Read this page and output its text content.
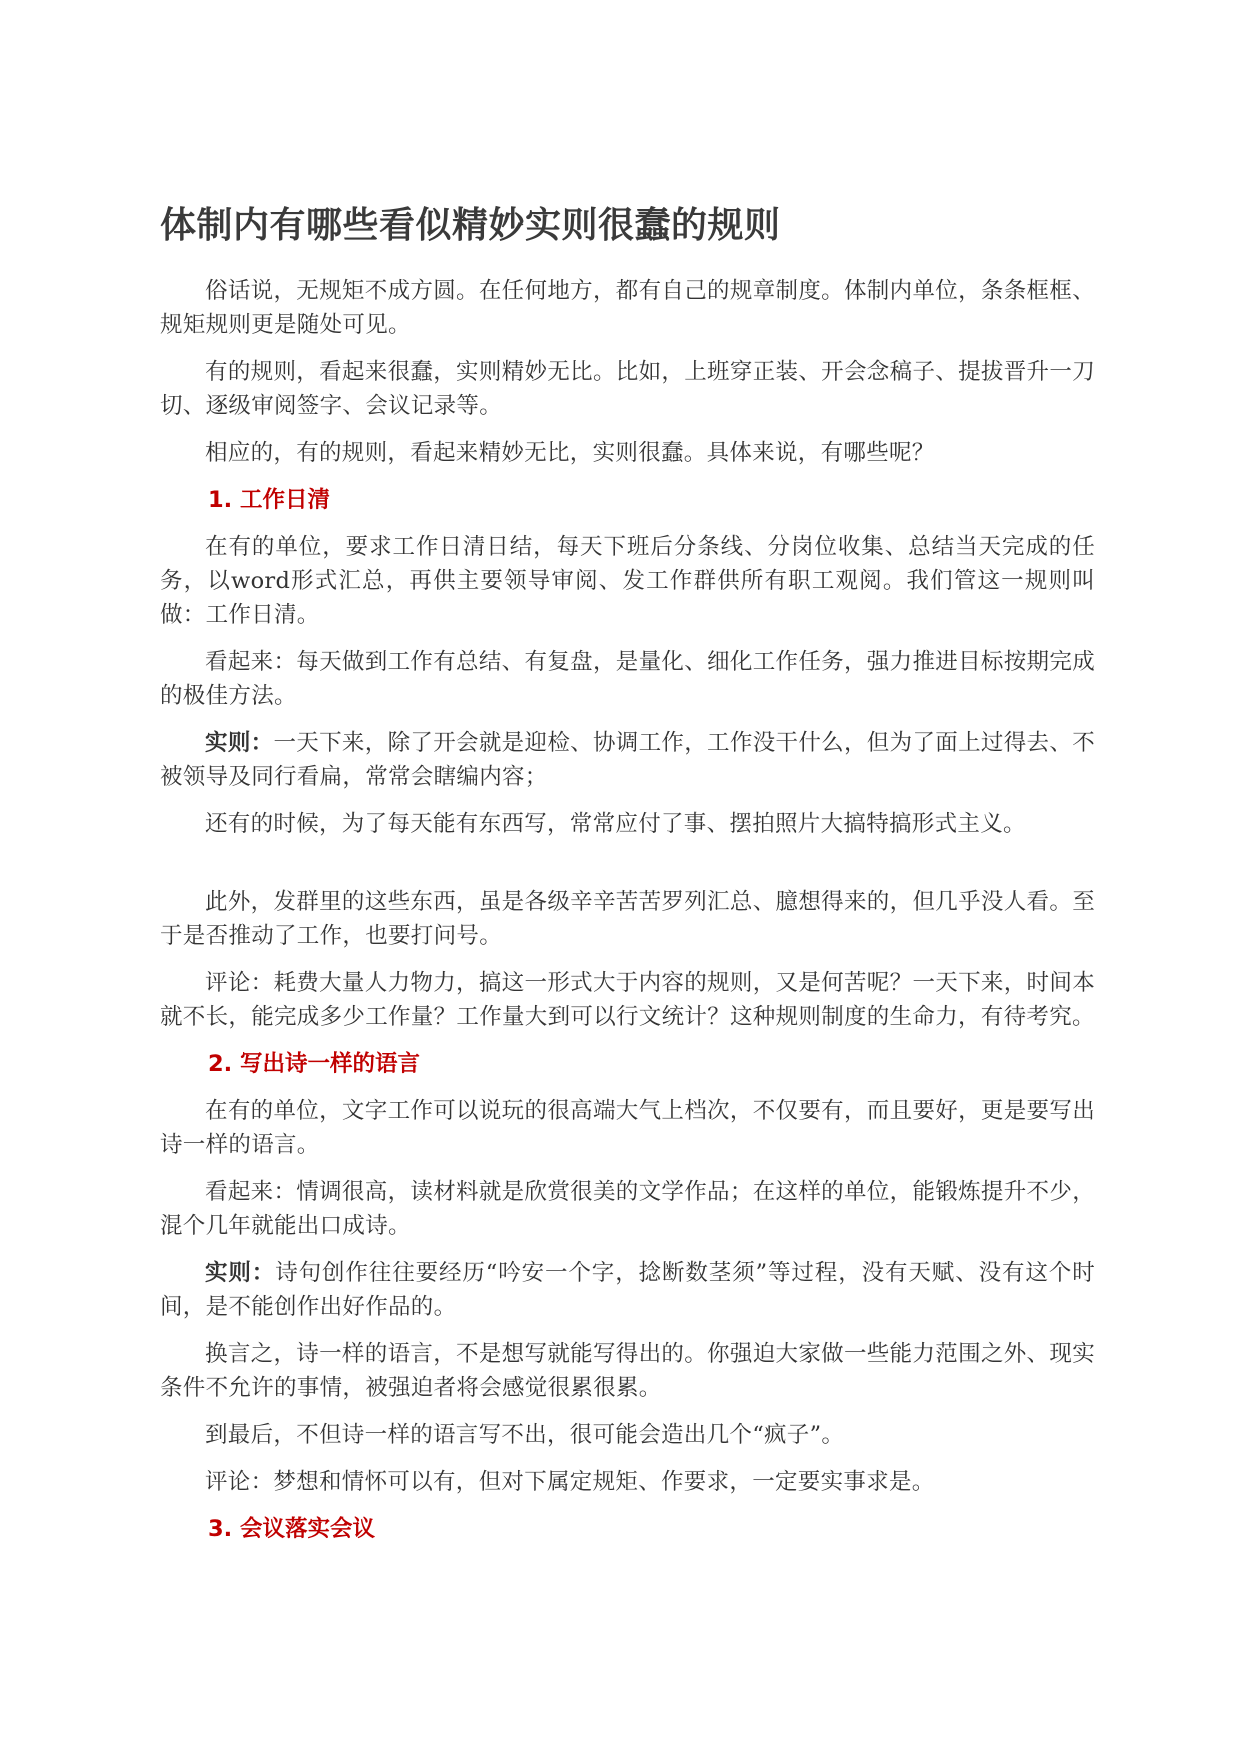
体制内有哪些看似精妙实则很蠢的规则

俗话说，无规矩不成方圆。在任何地方，都有自己的规章制度。体制内单位，条条框框、规矩规则更是随处可见。

有的规则，看起来很蠢，实则精妙无比。比如，上班穿正装、开会念稿子、提拔晋升一刀切、逐级审阅签字、会议记录等。

相应的，有的规则，看起来精妙无比，实则很蠢。具体来说，有哪些呢？

1. 工作日清

在有的单位，要求工作日清日结，每天下班后分条线、分岗位收集、总结当天完成的任务，以word形式汇总，再供主要领导审阅、发工作群供所有职工观阅。我们管这一规则叫做：工作日清。

看起来：每天做到工作有总结、有复盘，是量化、细化工作任务，强力推进目标按期完成的极佳方法。

实则：一天下来，除了开会就是迎检、协调工作，工作没干什么，但为了面上过得去、不被领导及同行看扁，常常会瞎编内容；

还有的时候，为了每天能有东西写，常常应付了事、摆拍照片大搞特搞形式主义。

此外，发群里的这些东西，虽是各级辛辛苦苦罗列汇总、臆想得来的，但几乎没人看。至于是否推动了工作，也要打问号。

评论：耗费大量人力物力，搞这一形式大于内容的规则，又是何苦呢？一天下来，时间本就不长，能完成多少工作量？工作量大到可以行文统计？这种规则制度的生命力，有待考究。

2. 写出诗一样的语言

在有的单位，文字工作可以说玩的很高端大气上档次，不仅要有，而且要好，更是要写出诗一样的语言。

看起来：情调很高，读材料就是欣赏很美的文学作品；在这样的单位，能锻炼提升不少，混个几年就能出口成诗。

实则：诗句创作往往要经历“吟安一个字，捻断数茎须”等过程，没有天赋、没有这个时间，是不能创作出好作品的。

换言之，诗一样的语言，不是想写就能写得出的。你强迫大家做一些能力范围之外、现实条件不允许的事情，被强迫者将会感觉很累很累。

到最后，不但诗一样的语言写不出，很可能会造出几个“疯子”。

评论：梦想和情怀可以有，但对下属定规矩、作要求，一定要实事求是。

3. 会议落实会议
